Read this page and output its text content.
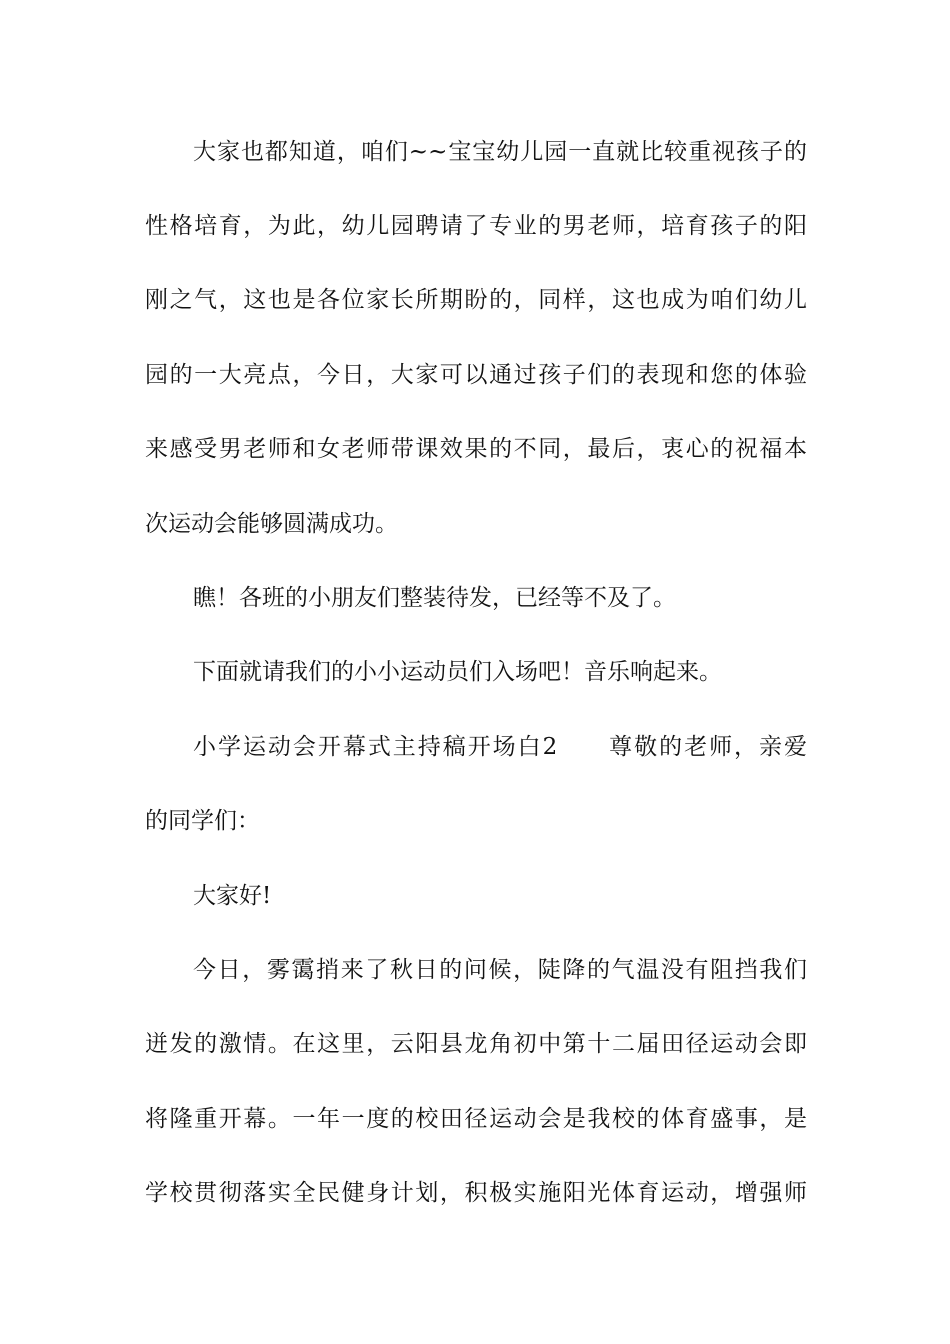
大家也都知道，咱们~~宝宝幼儿园一直就比较重视孩子的
性格培育，为此，幼儿园聘请了专业的男老师，培育孩子的阳
刚之气，这也是各位家长所期盼的，同样，这也成为咱们幼儿
园的一大亮点，今日，大家可以通过孩子们的表现和您的体验
来感受男老师和女老师带课效果的不同，最后，衷心的祝福本
次运动会能够圆满成功。
瞧！各班的小朋友们整装待发，已经等不及了。
下面就请我们的小小运动员们入场吧！音乐响起来。
小学运动会开幕式主持稿开场白2　　尊敬的老师，亲爱
的同学们：
大家好!
今日，雾霭捎来了秋日的问候，陡降的气温没有阻挡我们
迸发的激情。在这里，云阳县龙角初中第十二届田径运动会即
将隆重开幕。一年一度的校田径运动会是我校的体育盛事，是
学校贯彻落实全民健身计划，积极实施阳光体育运动，增强师
